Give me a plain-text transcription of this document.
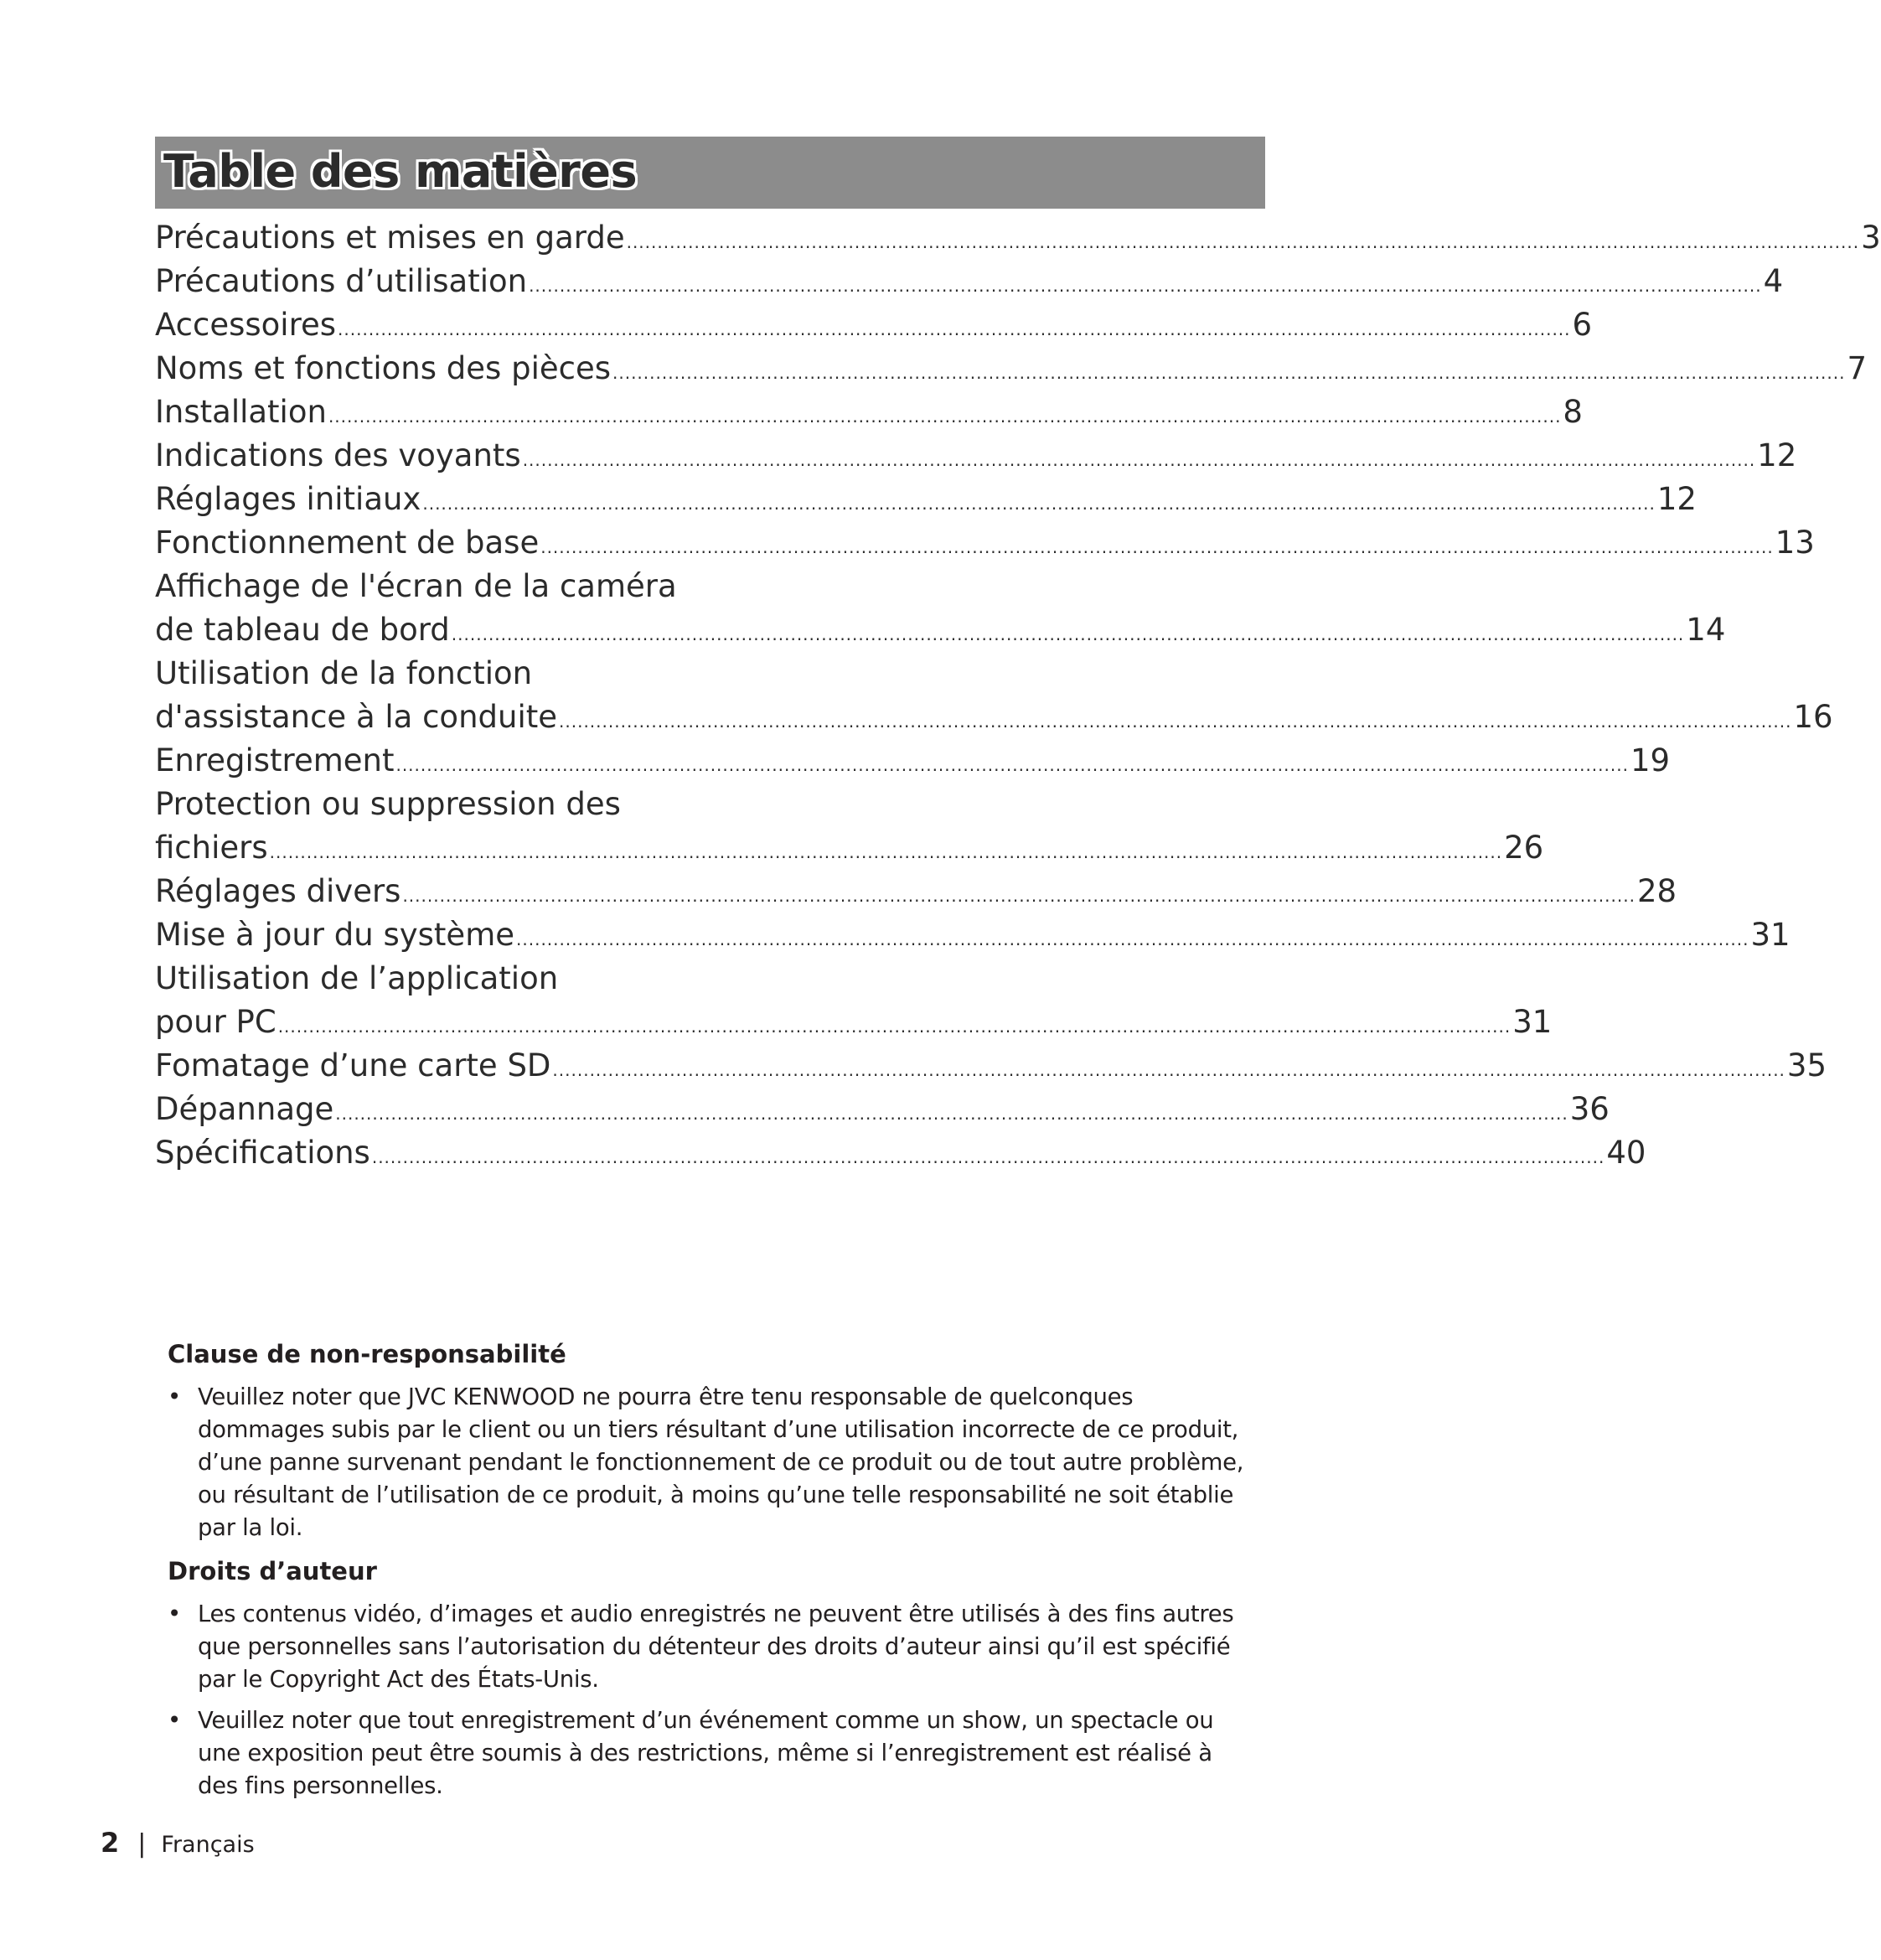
Table des matières
Précautions et mises en garde ........................................................................................................................................................................................................ 3
Précautions d’utilisation ........................................................................................................................................................................................................ 4
Accessoires ........................................................................................................................................................................................................ 6
Noms et fonctions des pièces ........................................................................................................................................................................................................ 7
Installation ........................................................................................................................................................................................................ 8
Indications des voyants ........................................................................................................................................................................................................ 12
Réglages initiaux ........................................................................................................................................................................................................ 12
Fonctionnement de base ........................................................................................................................................................................................................ 13
Affichage de l'écran de la caméra
de tableau de bord ........................................................................................................................................................................................................ 14
Utilisation de la fonction
d'assistance à la conduite ........................................................................................................................................................................................................ 16
Enregistrement ........................................................................................................................................................................................................ 19
Protection ou suppression des
fichiers ........................................................................................................................................................................................................ 26
Réglages divers ........................................................................................................................................................................................................ 28
Mise à jour du système ........................................................................................................................................................................................................ 31
Utilisation de l’application
pour PC ........................................................................................................................................................................................................ 31
Fomatage d’une carte SD ........................................................................................................................................................................................................ 35
Dépannage ........................................................................................................................................................................................................ 36
Spécifications ........................................................................................................................................................................................................ 40
Clause de non-responsabilité
• Veuillez noter que JVC KENWOOD ne pourra être tenu responsable de quelconques dommages subis par le client ou un tiers résultant d’une utilisation incorrecte de ce produit, d’une panne survenant pendant le fonctionnement de ce produit ou de tout autre problème, ou résultant de l’utilisation de ce produit, à moins qu’une telle responsabilité ne soit établie par la loi.
Droits d’auteur
• Les contenus vidéo, d’images et audio enregistrés ne peuvent être utilisés à des fins autres que personnelles sans l’autorisation du détenteur des droits d’auteur ainsi qu’il est spécifié par le Copyright Act des États-Unis.
• Veuillez noter que tout enregistrement d’un événement comme un show, un spectacle ou une exposition peut être soumis à des restrictions, même si l’enregistrement est réalisé à des fins personnelles.
2 | Français
